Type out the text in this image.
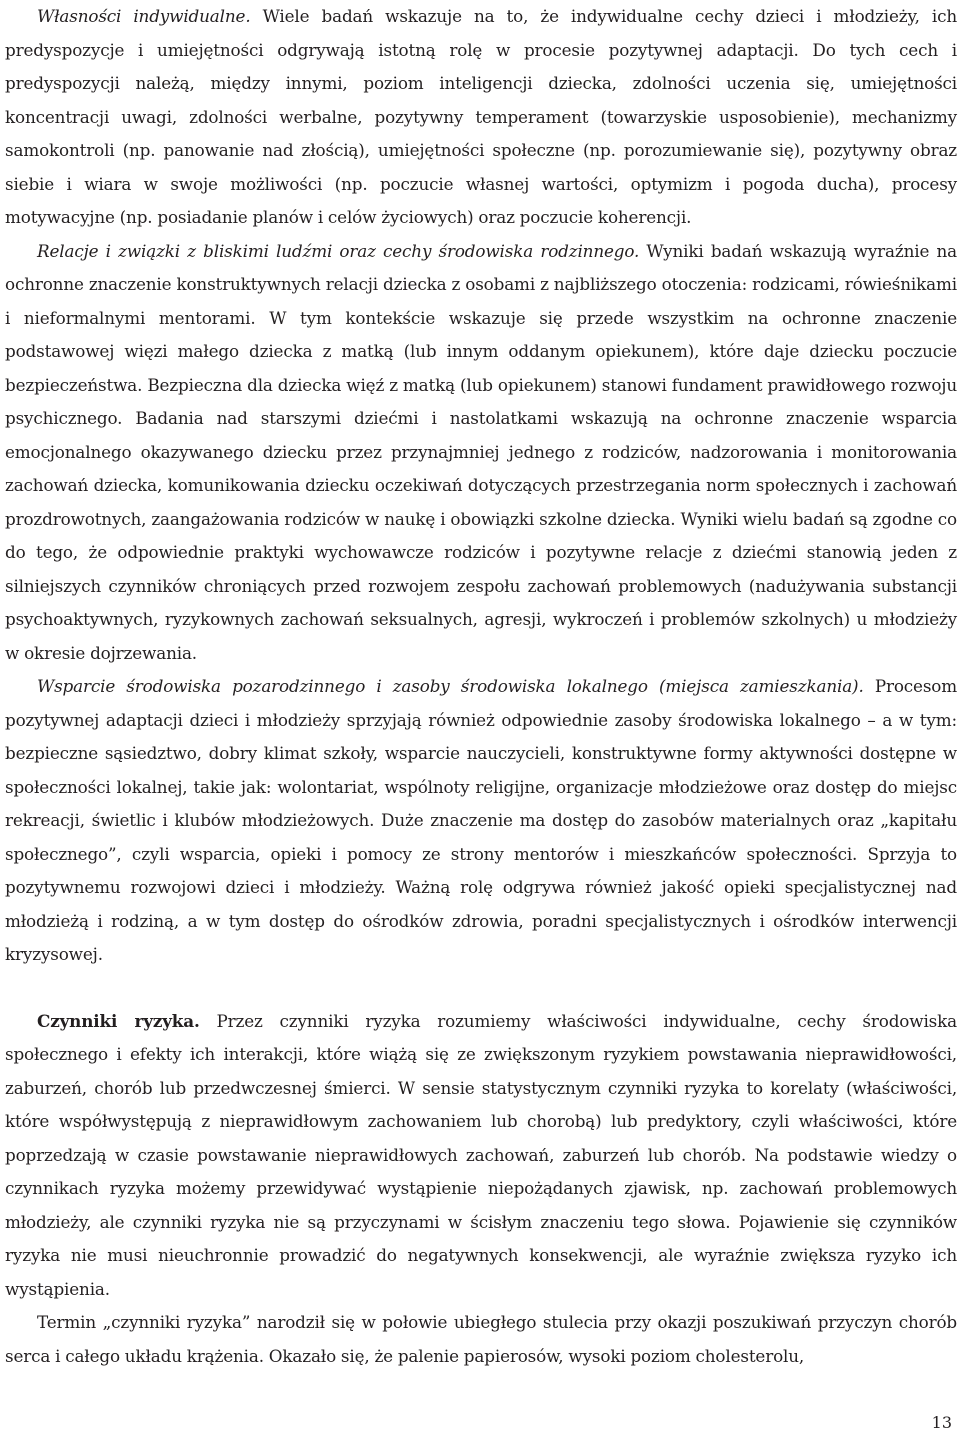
Własności indywidualne. Wiele badań wskazuje na to, że indywidualne cechy dzieci i młodzieży, ich predyspozycje i umiejętności odgrywają istotną rolę w procesie pozytywnej adaptacji. Do tych cech i predyspozycji należą, między innymi, poziom inteligencji dziecka, zdolności uczenia się, umiejętności koncentracji uwagi, zdolności werbalne, pozytywny temperament (towarzyskie usposobienie), mechanizmy samokontroli (np. panowanie nad złością), umiejętności społeczne (np. porozumiewanie się), pozytywny obraz siebie i wiara w swoje możliwości (np. poczucie własnej wartości, optymizm i pogoda ducha), procesy motywacyjne (np. posiadanie planów i celów życiowych) oraz poczucie koherencji.

Relacje i związki z bliskimi ludźmi oraz cechy środowiska rodzinnego. Wyniki badań wskazują wyraźnie na ochronne znaczenie konstruktywnych relacji dziecka z osobami z najbliższego otoczenia: rodzicami, rówieśnikami i nieformalnymi mentorami. W tym kontekście wskazuje się przede wszystkim na ochronne znaczenie podstawowej więzi małego dziecka z matką (lub innym oddanym opiekunem), które daje dziecku poczucie bezpieczeństwa. Bezpieczna dla dziecka więź z matką (lub opiekunem) stanowi fundament prawidłowego rozwoju psychicznego. Badania nad starszymi dziećmi i nastolatkami wskazują na ochronne znaczenie wsparcia emocjonalnego okazywanego dziecku przez przynajmniej jednego z rodziców, nadzorowania i monitorowania zachowań dziecka, komunikowania dziecku oczekiwań dotyczących przestrzegania norm społecznych i zachowań prozdrowotnych, zaangażowania rodziców w naukę i obowiązki szkolne dziecka. Wyniki wielu badań są zgodne co do tego, że odpowiednie praktyki wychowawcze rodziców i pozytywne relacje z dziećmi stanowią jeden z silniejszych czynników chroniących przed rozwojem zespołu zachowań problemowych (nadużywania substancji psychoaktywnych, ryzykownych zachowań seksualnych, agresji, wykroczeń i problemów szkolnych) u młodzieży w okresie dojrzewania.

Wsparcie środowiska pozarodzinnego i zasoby środowiska lokalnego (miejsca zamieszkania). Procesom pozytywnej adaptacji dzieci i młodzieży sprzyjają również odpowiednie zasoby środowiska lokalnego – a w tym: bezpieczne sąsiedztwo, dobry klimat szkoły, wsparcie nauczycieli, konstruktywne formy aktywności dostępne w społeczności lokalnej, takie jak: wolontariat, wspólnoty religijne, organizacje młodzieżowe oraz dostęp do miejsc rekreacji, świetlic i klubów młodzieżowych. Duże znaczenie ma dostęp do zasobów materialnych oraz „kapitału społecznego”, czyli wsparcia, opieki i pomocy ze strony mentorów i mieszkańców społeczności. Sprzyja to pozytywnemu rozwojowi dzieci i młodzieży. Ważną rolę odgrywa również jakość opieki specjalistycznej nad młodzieżą i rodziną, a w tym dostęp do ośrodków zdrowia, poradni specjalistycznych i ośrodków interwencji kryzysowej.

Czynniki ryzyka. Przez czynniki ryzyka rozumiemy właściwości indywidualne, cechy środowiska społecznego i efekty ich interakcji, które wiążą się ze zwiększonym ryzykiem powstawania nieprawidłowości, zaburzeń, chorób lub przedwczesnej śmierci. W sensie statystycznym czynniki ryzyka to korelaty (właściwości, które współwystępują z nieprawidłowym zachowaniem lub chorobą) lub predyktory, czyli właściwości, które poprzedzają w czasie powstawanie nieprawidłowych zachowań, zaburzeń lub chorób. Na podstawie wiedzy o czynnikach ryzyka możemy przewidywać wystąpienie niepożądanych zjawisk, np. zachowań problemowych młodzieży, ale czynniki ryzyka nie są przyczynami w ścisłym znaczeniu tego słowa. Pojawienie się czynników ryzyka nie musi nieuchronnie prowadzić do negatywnych konsekwencji, ale wyraźnie zwiększa ryzyko ich wystąpienia.

Termin „czynniki ryzyka” narodził się w połowie ubiegłego stulecia przy okazji poszukiwań przyczyn chorób serca i całego układu krążenia. Okazało się, że palenie papierosów, wysoki poziom cholesterolu,

13
